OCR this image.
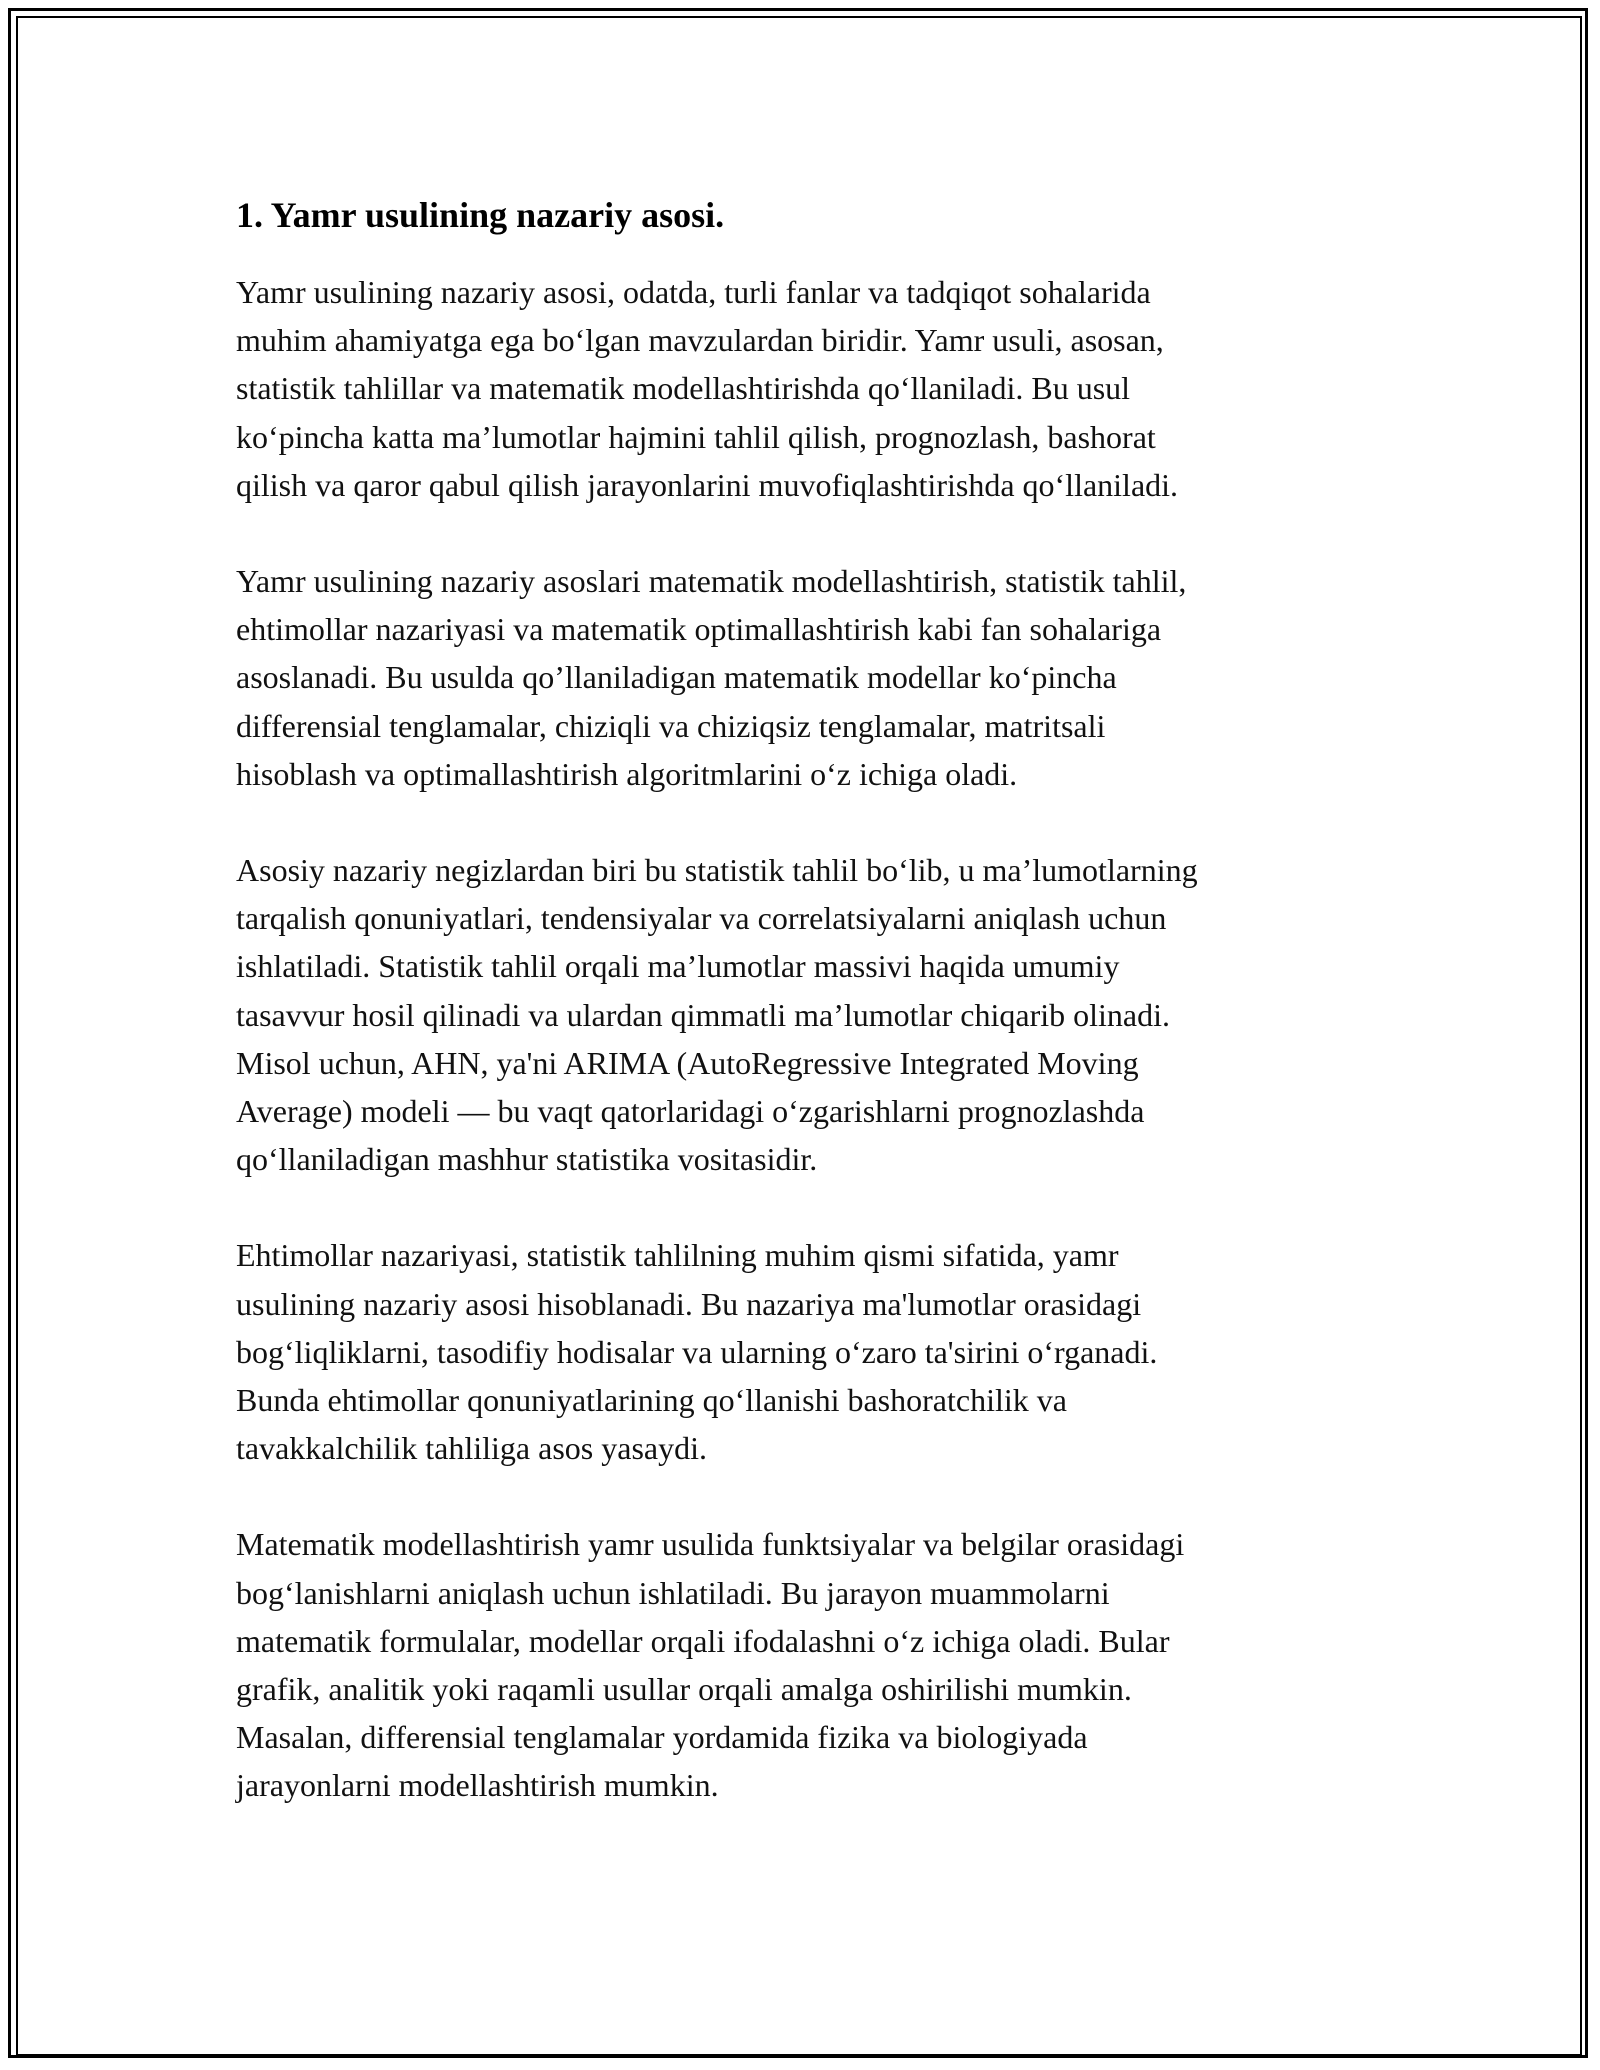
1. Yamr usulining nazariy asosi.

Yamr usulining nazariy asosi, odatda, turli fanlar va tadqiqot sohalarida
muhim ahamiyatga ega bo‘lgan mavzulardan biridir. Yamr usuli, asosan,
statistik tahlillar va matematik modellashtirishda qo‘llaniladi. Bu usul
ko‘pincha katta ma’lumotlar hajmini tahlil qilish, prognozlash, bashorat
qilish va qaror qabul qilish jarayonlarini muvofiqlashtirishda qo‘llaniladi.

Yamr usulining nazariy asoslari matematik modellashtirish, statistik tahlil,
ehtimollar nazariyasi va matematik optimallashtirish kabi fan sohalariga
asoslanadi. Bu usulda qo’llaniladigan matematik modellar ko‘pincha
differensial tenglamalar, chiziqli va chiziqsiz tenglamalar, matritsali
hisoblash va optimallashtirish algoritmlarini o‘z ichiga oladi.

Asosiy nazariy negizlardan biri bu statistik tahlil bo‘lib, u ma’lumotlarning
tarqalish qonuniyatlari, tendensiyalar va correlatsiyalarni aniqlash uchun
ishlatiladi. Statistik tahlil orqali ma’lumotlar massivi haqida umumiy
tasavvur hosil qilinadi va ulardan qimmatli ma’lumotlar chiqarib olinadi.
Misol uchun, AHN, ya'ni ARIMA (AutoRegressive Integrated Moving
Average) modeli — bu vaqt qatorlaridagi o‘zgarishlarni prognozlashda
qo‘llaniladigan mashhur statistika vositasidir.

Ehtimollar nazariyasi, statistik tahlilning muhim qismi sifatida, yamr
usulining nazariy asosi hisoblanadi. Bu nazariya ma'lumotlar orasidagi
bog‘liqliklarni, tasodifiy hodisalar va ularning o‘zaro ta'sirini o‘rganadi.
Bunda ehtimollar qonuniyatlarining qo‘llanishi bashoratchilik va
tavakkalchilik tahliliga asos yasaydi.

Matematik modellashtirish yamr usulida funktsiyalar va belgilar orasidagi
bog‘lanishlarni aniqlash uchun ishlatiladi. Bu jarayon muammolarni
matematik formulalar, modellar orqali ifodalashni o‘z ichiga oladi. Bular
grafik, analitik yoki raqamli usullar orqali amalga oshirilishi mumkin.
Masalan, differensial tenglamalar yordamida fizika va biologiyada
jarayonlarni modellashtirish mumkin.
